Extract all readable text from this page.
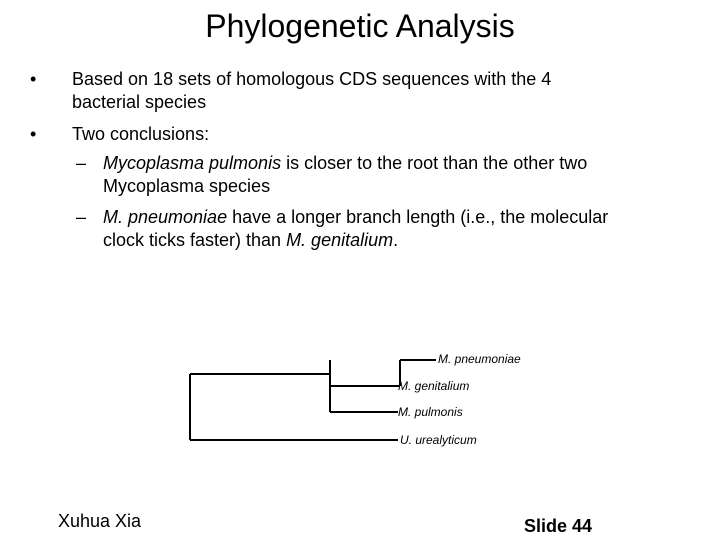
Phylogenetic Analysis
• Based on 18 sets of homologous CDS sequences with the 4
bacterial species
• Two conclusions:
– Mycoplasma pulmonis is closer to the root than the other two
Mycoplasma species
– M. pneumoniae have a longer branch length (i.e., the molecular
clock ticks faster) than M. genitalium.
M. pneumoniae
M. genitalium
M. pulmonis
U. urealyticum
Xuhua Xia	Slide 44
